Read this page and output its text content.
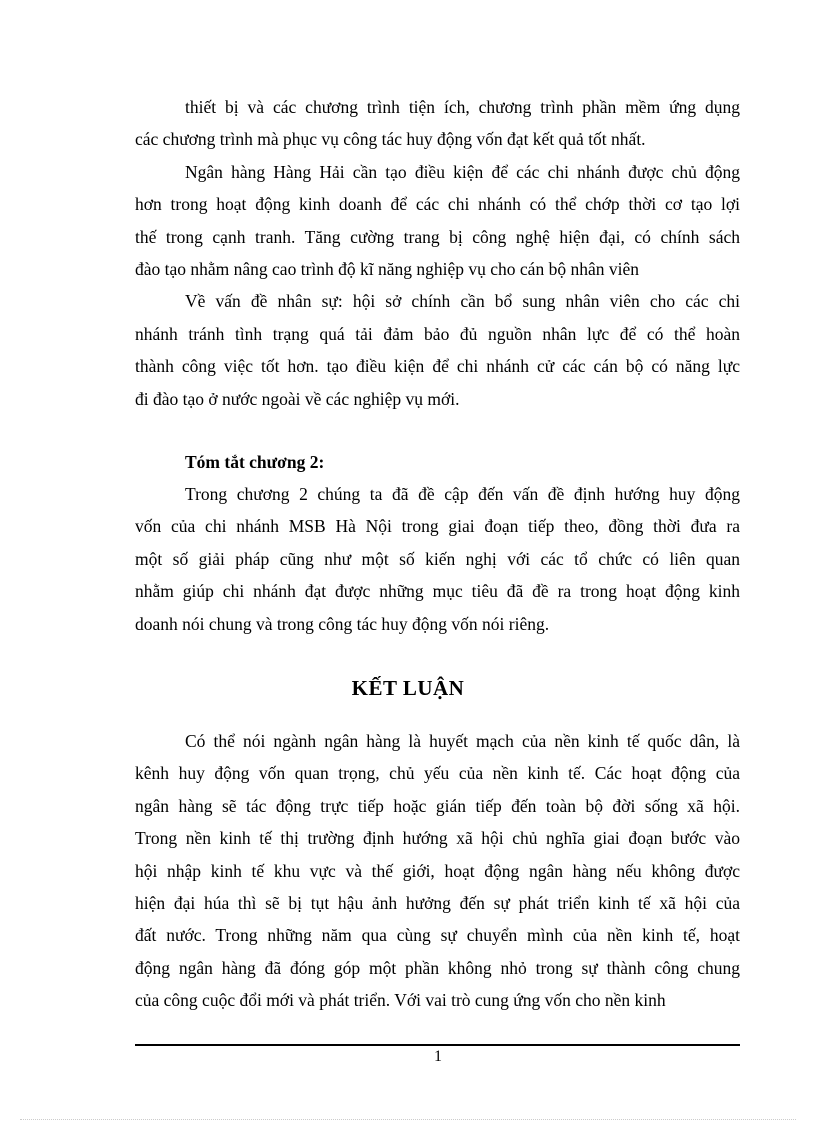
thiết bị và các chương trình tiện ích, chương trình phần mềm ứng dụng
các chương trình mà phục vụ công tác huy động vốn đạt kết quả tốt nhất.
Ngân hàng Hàng Hải cần tạo điều kiện để các chi nhánh được chủ động
hơn trong hoạt động kinh doanh để các chi nhánh có thể chớp thời cơ tạo lợi
thế trong cạnh tranh. Tăng cường trang bị công nghệ hiện đại, có chính sách
đào tạo nhằm nâng cao trình độ kĩ năng nghiệp vụ cho cán bộ nhân viên
Về vấn đề nhân sự: hội sở chính cần bổ sung nhân viên cho các chi
nhánh tránh tình trạng quá tải đảm bảo đủ nguồn nhân lực để có thể hoàn
thành công việc tốt hơn. tạo điều kiện để chi nhánh cử các cán bộ có năng lực
đi đào tạo ở nước ngoài về các nghiệp vụ mới.
Tóm tắt chương 2:
Trong chương 2 chúng ta đã đề cập đến vấn đề định hướng huy động
vốn của chi nhánh MSB Hà Nội trong giai đoạn tiếp theo, đồng thời đưa ra
một số giải pháp cũng như một số kiến nghị với các tổ chức có liên quan
nhằm giúp chi nhánh đạt được những mục tiêu đã đề ra trong hoạt động kinh
doanh nói chung và trong công tác huy động vốn nói riêng.
KẾT LUẬN
Có thể nói ngành ngân hàng là huyết mạch của nền kinh tế quốc dân, là
kênh huy động vốn quan trọng, chủ yếu của nền kinh tế. Các hoạt động của
ngân hàng sẽ tác động trực tiếp hoặc gián tiếp đến toàn bộ đời sống xã hội.
Trong nền kinh tế thị trường định hướng xã hội chủ nghĩa giai đoạn bước vào
hội nhập kinh tế khu vực và thế giới, hoạt động ngân hàng nếu không được
hiện đại húa thì sẽ bị tụt hậu ảnh hưởng đến sự phát triển kinh tế xã hội của
đất nước. Trong những năm qua cùng sự chuyển mình của nền kinh tế, hoạt
động ngân hàng đã đóng góp một phần không nhỏ trong sự thành công chung
của công cuộc đổi mới và phát triển. Với vai trò cung ứng vốn cho nền kinh
1
